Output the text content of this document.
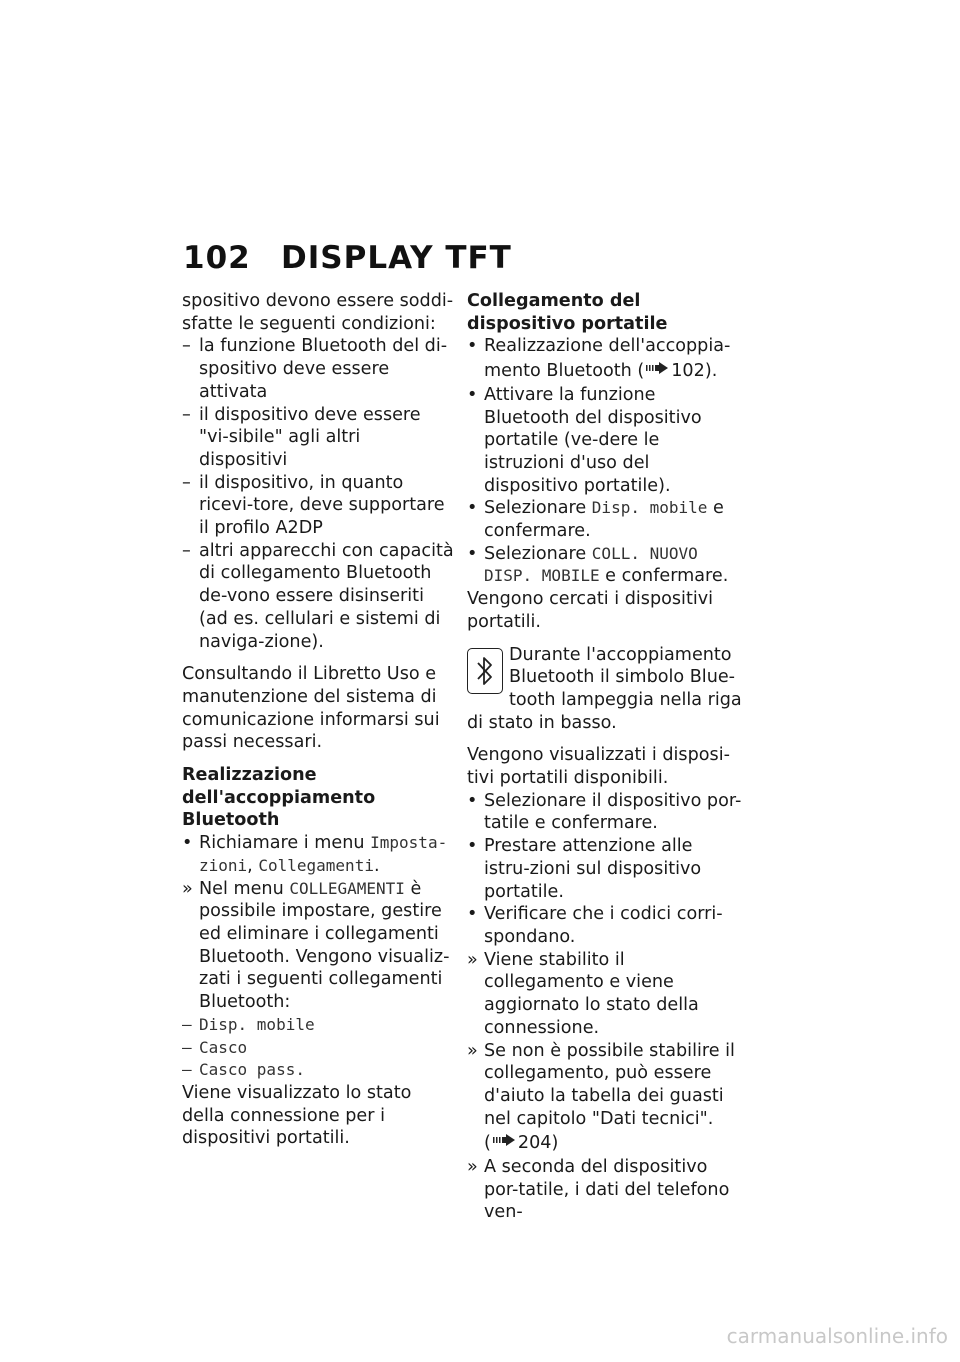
102 DISPLAY TFT

spositivo devono essere soddi-sfatte le seguenti condizioni:

– la funzione Bluetooth del di-spositivo deve essere attivata
– il dispositivo deve essere "vi-sibile" agli altri dispositivi
– il dispositivo, in quanto ricevi-tore, deve supportare il profilo A2DP
– altri apparecchi con capacità di collegamento Bluetooth de-vono essere disinseriti (ad es. cellulari e sistemi di naviga-zione).

Consultando il Libretto Uso e manutenzione del sistema di comunicazione informarsi sui passi necessari.

Realizzazione dell'accoppiamento Bluetooth
• Richiamare i menu Imposta-zioni, Collegamenti.
» Nel menu COLLEGAMENTI è possibile impostare, gestire ed eliminare i collegamenti Bluetooth. Vengono visualiz-zati i seguenti collegamenti Bluetooth:
– Disp. mobile
– Casco
– Casco pass.

Viene visualizzato lo stato della connessione per i dispositivi portatili.

Collegamento del dispositivo portatile
• Realizzazione dell'accoppia-mento Bluetooth ( 102).
• Attivare la funzione Bluetooth del dispositivo portatile (ve-dere le istruzioni d'uso del dispositivo portatile).
• Selezionare Disp. mobile e confermare.
• Selezionare COLL. NUOVO DISP. MOBILE e confermare.

Vengono cercati i dispositivi portatili.

Durante l'accoppiamento Bluetooth il simbolo Blue-tooth lampeggia nella riga di stato in basso.

Vengono visualizzati i disposi-tivi portatili disponibili.

• Selezionare il dispositivo por-tatile e confermare.
• Prestare attenzione alle istru-zioni sul dispositivo portatile.
• Verificare che i codici corri-spondano.
» Viene stabilito il collegamento e viene aggiornato lo stato della connessione.
» Se non è possibile stabilire il collegamento, può essere d'aiuto la tabella dei guasti nel capitolo "Dati tecnici".
( 204)
» A seconda del dispositivo por-tatile, i dati del telefono ven-
carmanualsonline.info
